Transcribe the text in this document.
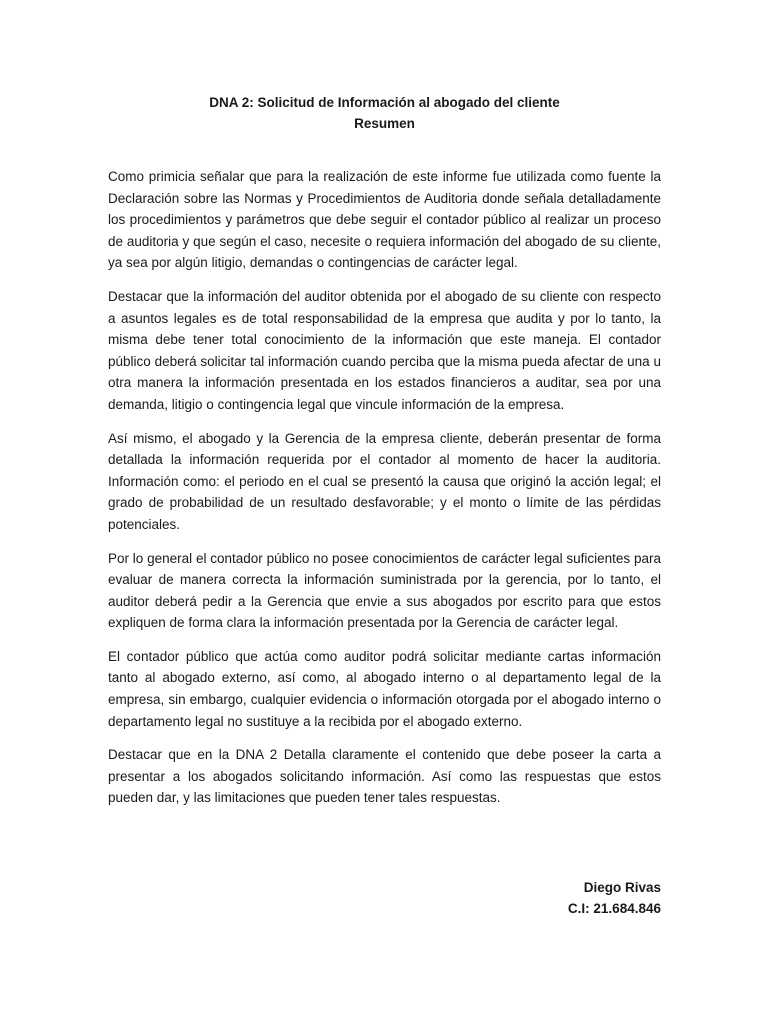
DNA 2: Solicitud de Información al abogado del cliente

Resumen

Como primicia señalar que para la realización de este informe fue utilizada como fuente la Declaración sobre las Normas y Procedimientos de Auditoria donde señala detalladamente los procedimientos y parámetros que debe seguir el contador público al realizar un proceso de auditoria y que según el caso, necesite o requiera información del abogado de su cliente, ya sea por algún litigio, demandas o contingencias de carácter legal.

Destacar que la información del auditor obtenida por el abogado de su cliente con respecto a asuntos legales es de total responsabilidad de la empresa que audita y por lo tanto, la misma debe tener total conocimiento de la información que este maneja. El contador público deberá solicitar tal información cuando perciba que la misma pueda afectar de una u otra manera la información presentada en los estados financieros a auditar, sea por una demanda, litigio o contingencia legal que vincule información de la empresa.

Así mismo, el abogado y la Gerencia de la empresa cliente, deberán presentar de forma detallada la información requerida por el contador al momento de hacer la auditoria. Información como: el periodo en el cual se presentó la causa que originó la acción legal; el grado de probabilidad de un resultado desfavorable; y el monto o límite de las pérdidas potenciales.

Por lo general el contador público no posee conocimientos de carácter legal suficientes para evaluar de manera correcta la información suministrada por la gerencia, por lo tanto, el auditor deberá pedir a la Gerencia que envie a sus abogados por escrito para que estos expliquen de forma clara la información presentada por la Gerencia de carácter legal.

El contador público que actúa como auditor podrá solicitar mediante cartas información tanto al abogado externo, así como, al abogado interno o al departamento legal de la empresa, sin embargo, cualquier evidencia o información otorgada por el abogado interno o departamento legal no sustituye a la recibida por el abogado externo.

Destacar que en la DNA 2 Detalla claramente el contenido que debe poseer la carta a presentar a los abogados solicitando información. Así como las respuestas que estos pueden dar, y las limitaciones que pueden tener tales respuestas.

Diego Rivas
C.I: 21.684.846
